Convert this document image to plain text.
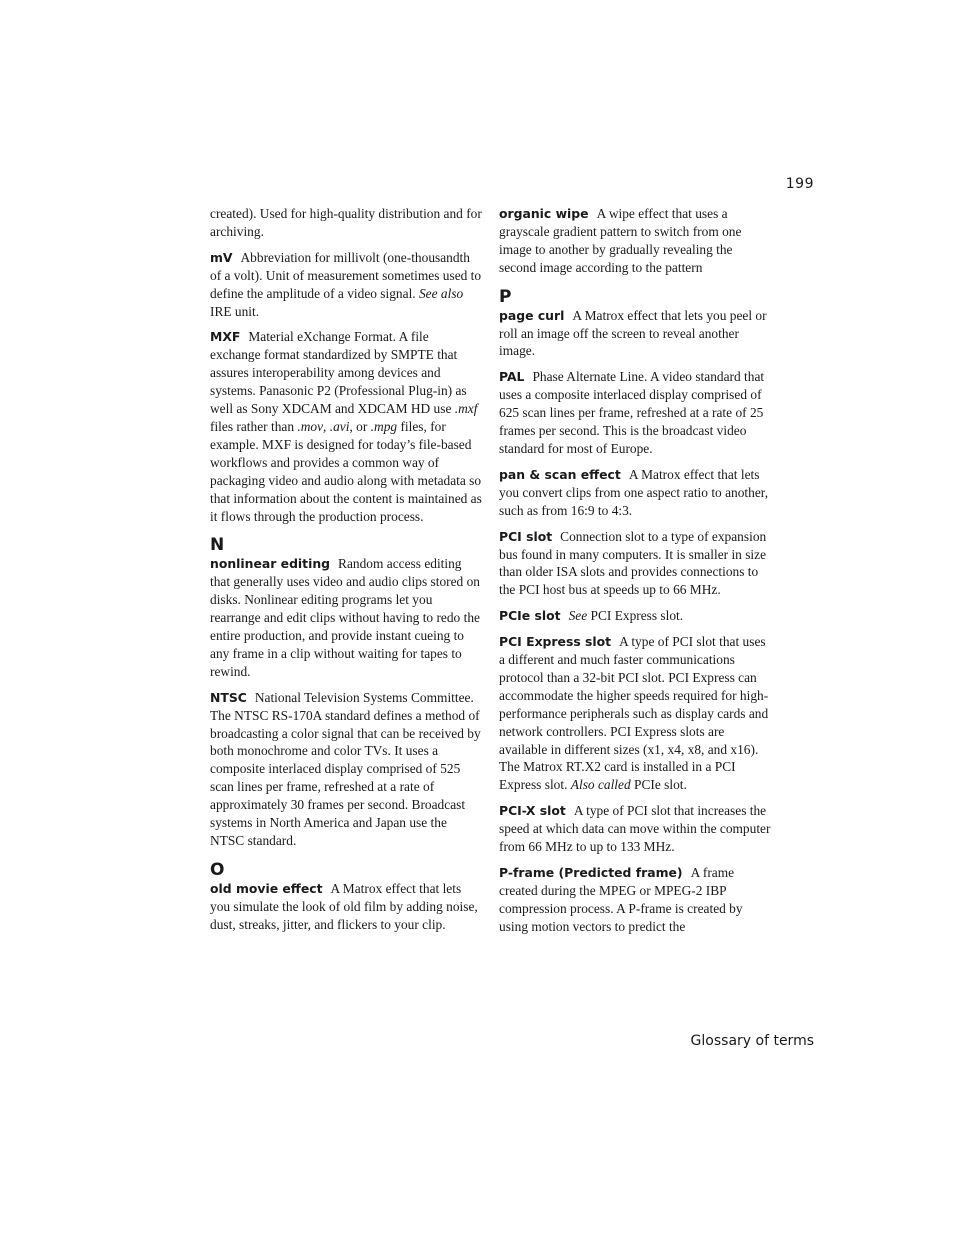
199

created). Used for high-quality distribution and for archiving.

mV Abbreviation for millivolt (one-thousandth of a volt). Unit of measurement sometimes used to define the amplitude of a video signal. See also IRE unit.

MXF Material eXchange Format. A file exchange format standardized by SMPTE that assures interoperability among devices and systems. Panasonic P2 (Professional Plug-in) as well as Sony XDCAM and XDCAM HD use .mxf files rather than .mov, .avi, or .mpg files, for example. MXF is designed for today’s file-based workflows and provides a common way of packaging video and audio along with metadata so that information about the content is maintained as it flows through the production process.

N

nonlinear editing Random access editing that generally uses video and audio clips stored on disks. Nonlinear editing programs let you rearrange and edit clips without having to redo the entire production, and provide instant cueing to any frame in a clip without waiting for tapes to rewind.

NTSC National Television Systems Committee. The NTSC RS-170A standard defines a method of broadcasting a color signal that can be received by both monochrome and color TVs. It uses a composite interlaced display comprised of 525 scan lines per frame, refreshed at a rate of approximately 30 frames per second. Broadcast systems in North America and Japan use the NTSC standard.

O

old movie effect A Matrox effect that lets you simulate the look of old film by adding noise, dust, streaks, jitter, and flickers to your clip.

organic wipe A wipe effect that uses a grayscale gradient pattern to switch from one image to another by gradually revealing the second image according to the pattern

P

page curl A Matrox effect that lets you peel or roll an image off the screen to reveal another image.

PAL Phase Alternate Line. A video standard that uses a composite interlaced display comprised of 625 scan lines per frame, refreshed at a rate of 25 frames per second. This is the broadcast video standard for most of Europe.

pan & scan effect A Matrox effect that lets you convert clips from one aspect ratio to another, such as from 16:9 to 4:3.

PCI slot Connection slot to a type of expansion bus found in many computers. It is smaller in size than older ISA slots and provides connections to the PCI host bus at speeds up to 66 MHz.

PCIe slot See PCI Express slot.

PCI Express slot A type of PCI slot that uses a different and much faster communications protocol than a 32-bit PCI slot. PCI Express can accommodate the higher speeds required for high-performance peripherals such as display cards and network controllers. PCI Express slots are available in different sizes (x1, x4, x8, and x16). The Matrox RT.X2 card is installed in a PCI Express slot. Also called PCIe slot.

PCI-X slot A type of PCI slot that increases the speed at which data can move within the computer from 66 MHz to up to 133 MHz.

P-frame (Predicted frame) A frame created during the MPEG or MPEG-2 IBP compression process. A P-frame is created by using motion vectors to predict the

Glossary of terms
